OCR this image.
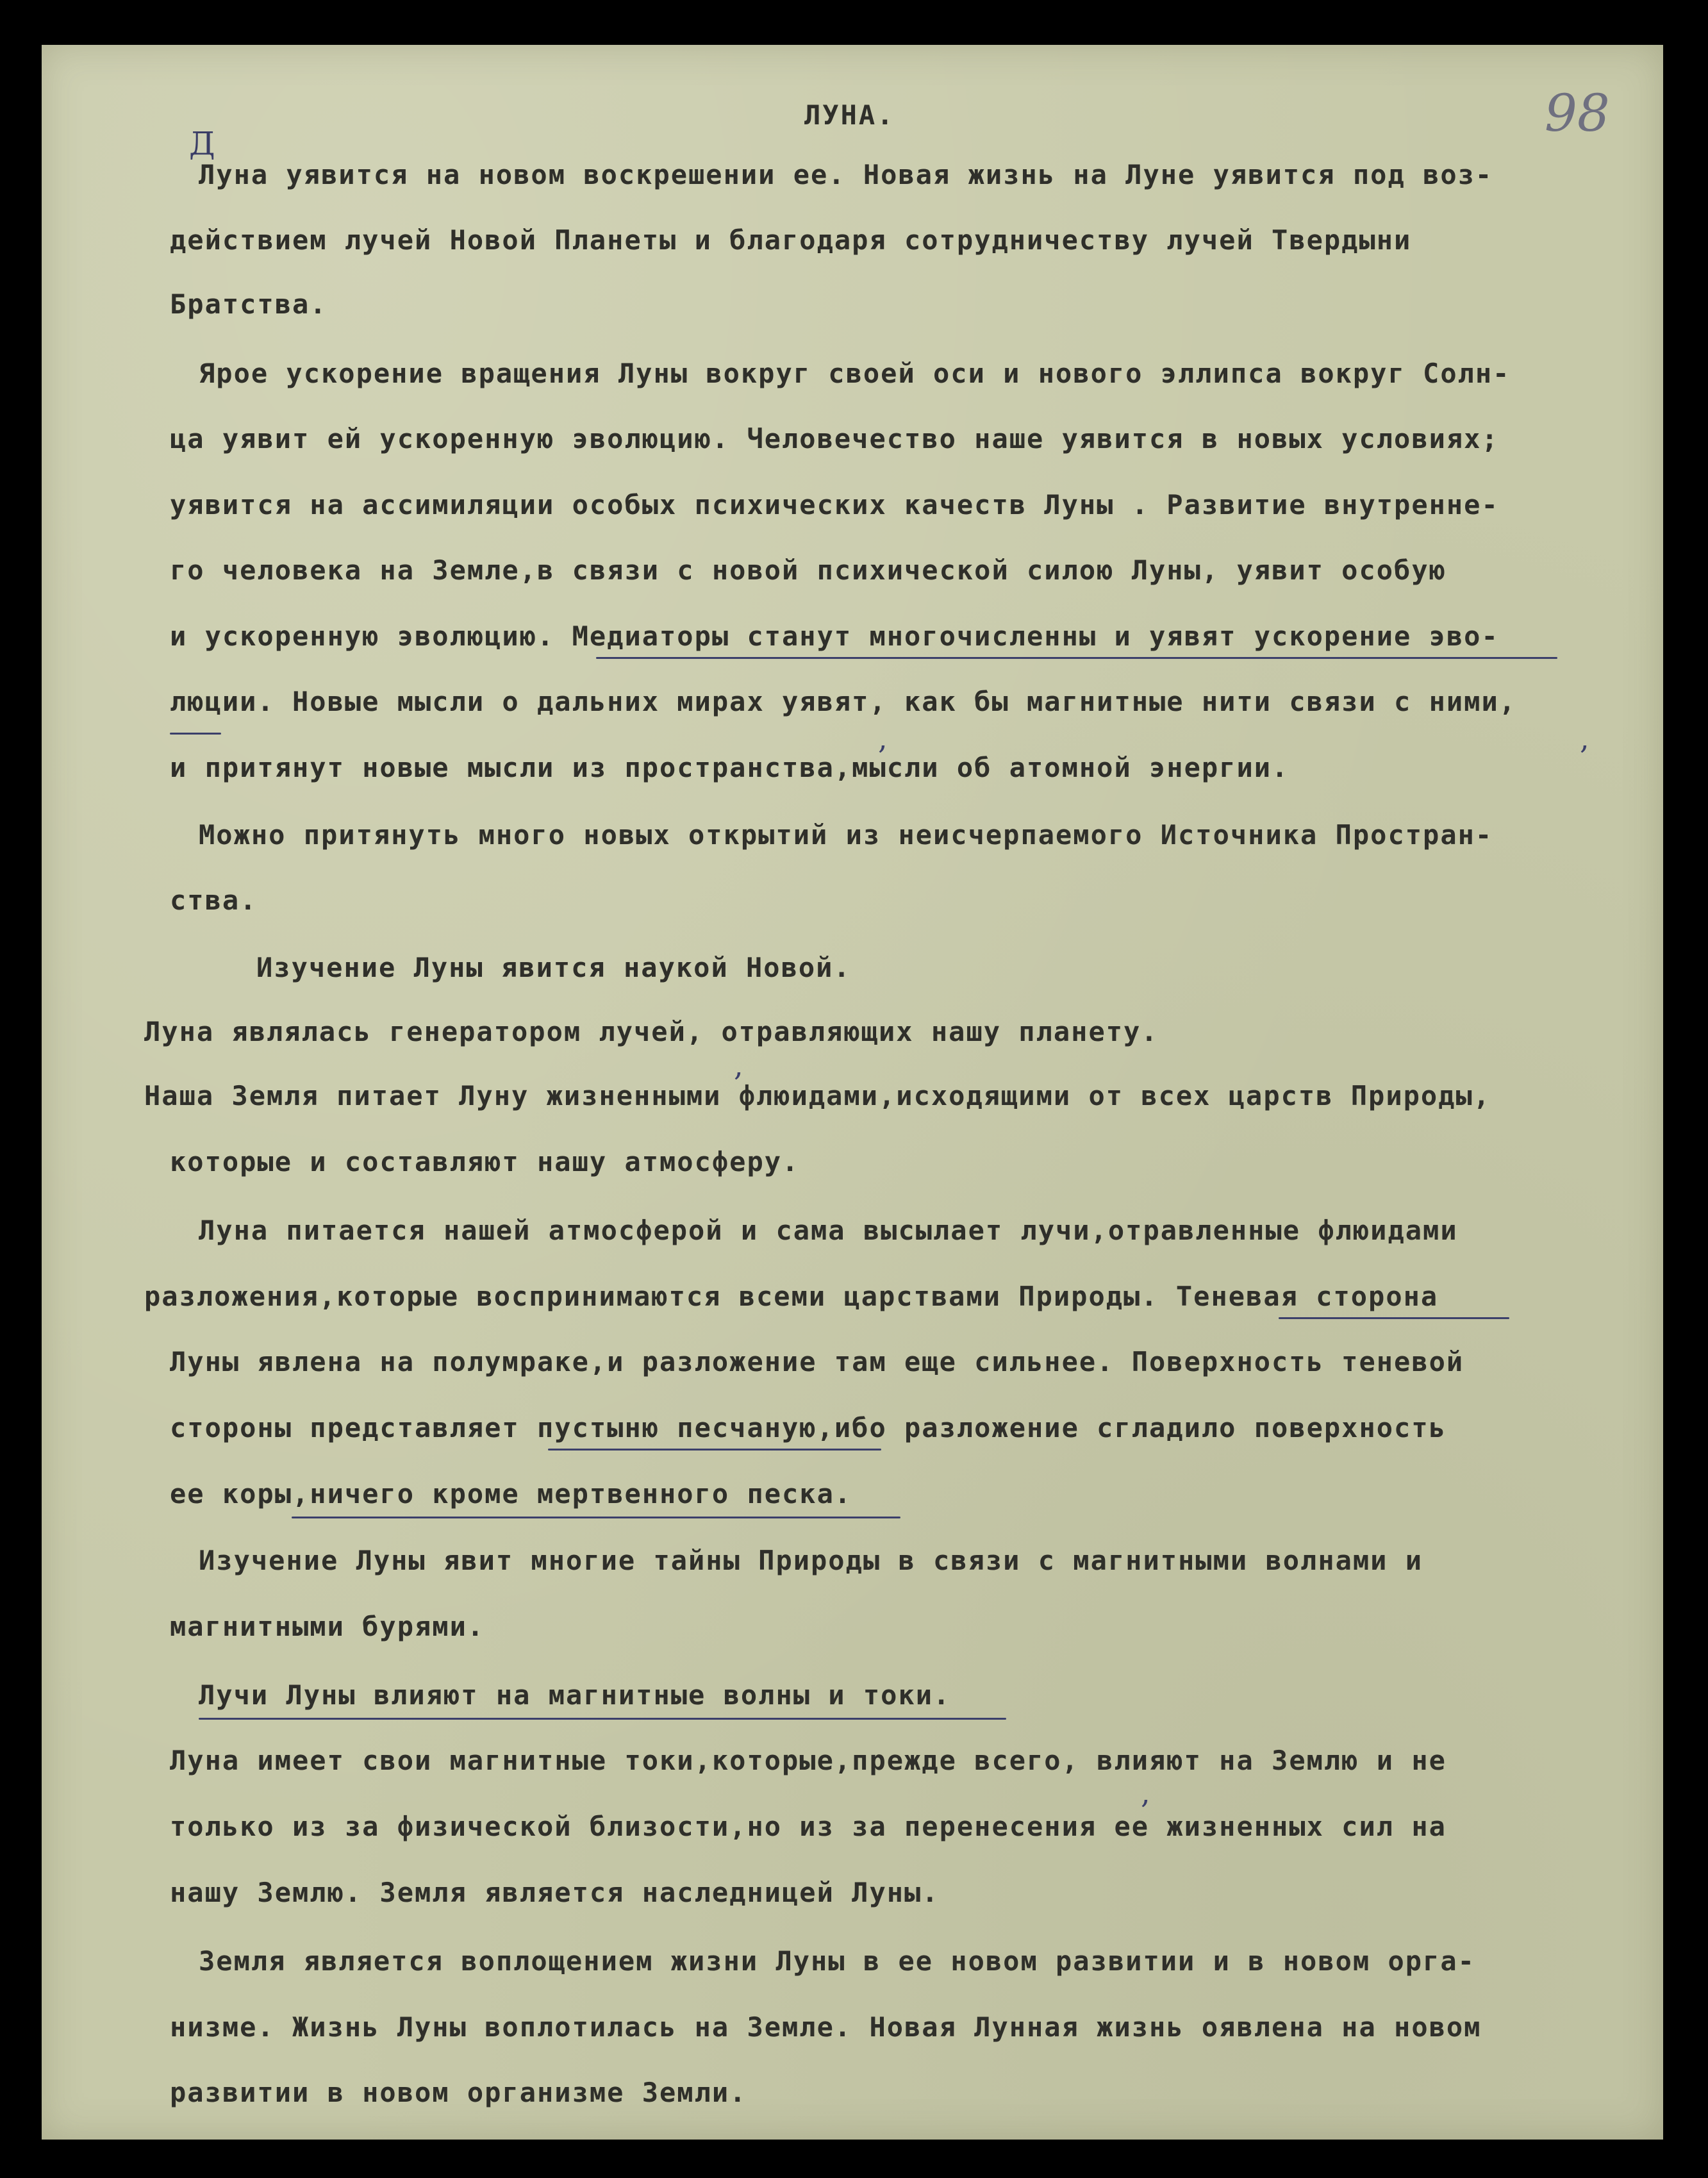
98
ЛУНА.
Д
Луна уявится на новом воскрешении ее. Новая жизнь на Луне уявится под воз-
действием лучей Новой Планеты и благодаря сотрудничеству лучей Твердыни
Братства.
Ярое ускорение вращения Луны вокруг своей оси и нового эллипса вокруг Солн-
ца уявит ей ускоренную эволюцию. Человечество наше уявится в новых условиях;
уявится на ассимиляции особых психических качеств Луны . Развитие внутренне-
го человека на Земле,в связи с новой психической силою Луны, уявит особую
и ускоренную эволюцию. Медиаторы станут многочисленны и уявят ускорение эво-
люции. Новые мысли о дальних мирах уявят, как бы магнитные нити связи с ними,
и притянут новые мысли из пространства,мысли об атомной энергии.
Можно притянуть много новых открытий из неисчерпаемого Источника Простран-
ства.
Изучение Луны явится наукой Новой.
Луна являлась генератором лучей, отравляющих нашу планету.
Наша Земля питает Луну жизненными флюидами,исходящими от всех царств Природы,
которые и составляют нашу атмосферу.
Луна питается нашей атмосферой и сама высылает лучи,отравленные флюидами
разложения,которые воспринимаются всеми царствами Природы. Теневая сторона
Луны явлена на полумраке,и разложение там еще сильнее. Поверхность теневой
стороны представляет пустыню песчаную,ибо разложение сгладило поверхность
ее коры,ничего кроме мертвенного песка.
Изучение Луны явит многие тайны Природы в связи с магнитными волнами и
магнитными бурями.
Лучи Луны влияют на магнитные волны и токи.
Луна имеет свои магнитные токи,которые,прежде всего, влияют на Землю и не
только из за физической близости,но из за перенесения ее жизненных сил на
нашу Землю. Земля является наследницей Луны.
Земля является воплощением жизни Луны в ее новом развитии и в новом орга-
низме. Жизнь Луны воплотилась на Земле. Новая Лунная жизнь оявлена на новом
развитии в новом организме Земли.
,	,
,
,
